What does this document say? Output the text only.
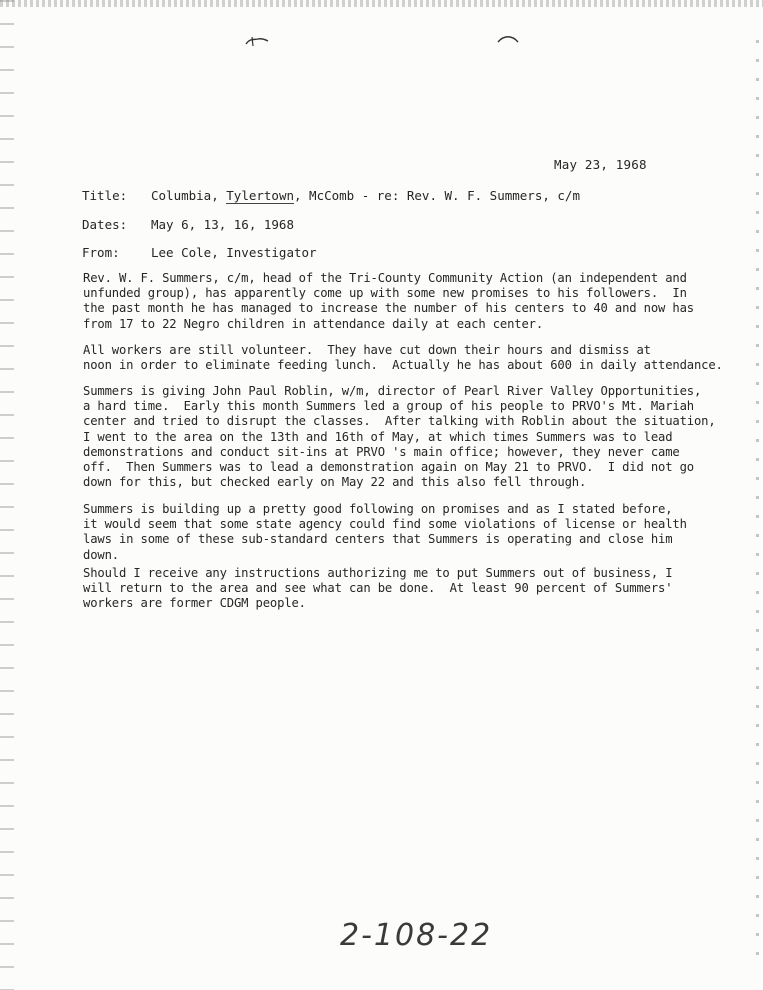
May 23, 1968
Title: Columbia, Tylertown, McComb - re: Rev. W. F. Summers, c/m
Dates: May 6, 13, 16, 1968
From:	Lee Cole, Investigator
Rev. W. F. Summers, c/m, head of the Tri-County Community Action (an independent and
unfunded group), has apparently come up with some new promises to his followers.  In
the past month he has managed to increase the number of his centers to 40 and now has
from 17 to 22 Negro children in attendance daily at each center.
All workers are still volunteer.  They have cut down their hours and dismiss at
noon in order to eliminate feeding lunch.  Actually he has about 600 in daily attendance.
Summers is giving John Paul Roblin, w/m, director of Pearl River Valley Opportunities,
a hard time.  Early this month Summers led a group of his people to PRVO's Mt. Mariah
center and tried to disrupt the classes.  After talking with Roblin about the situation,
I went to the area on the 13th and 16th of May, at which times Summers was to lead
demonstrations and conduct sit-ins at PRVO 's main office; however, they never came
off.  Then Summers was to lead a demonstration again on May 21 to PRVO.  I did not go
down for this, but checked early on May 22 and this also fell through.
Summers is building up a pretty good following on promises and as I stated before,
it would seem that some state agency could find some violations of license or health
laws in some of these sub-standard centers that Summers is operating and close him
down.
Should I receive any instructions authorizing me to put Summers out of business, I
will return to the area and see what can be done.  At least 90 percent of Summers'
workers are former CDGM people.
2-108-22
